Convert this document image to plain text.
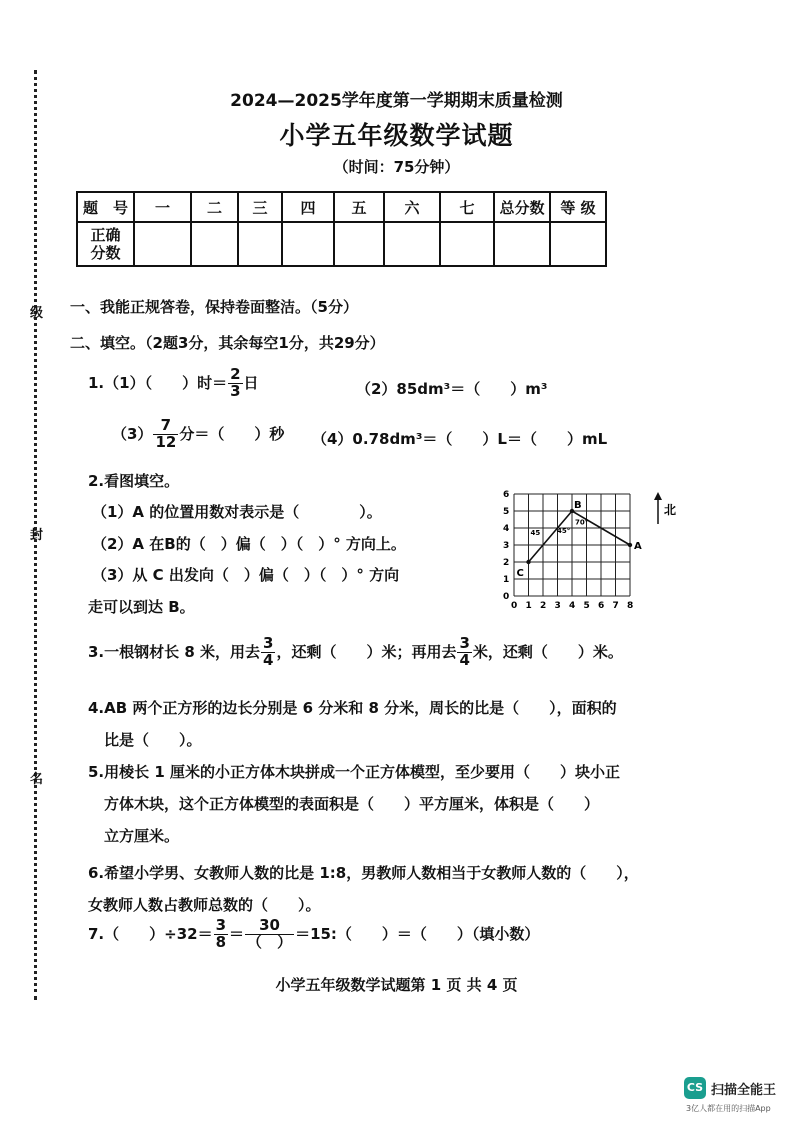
级
封
名
2024—2025学年度第一学期期末质量检测
小学五年级数学试题
（时间：75分钟）
题　号	一	二	三	四	五	六	七	总分数	等 级

正确
分数									

一、我能正规答卷，保持卷面整洁。（5分）
二、填空。（2题3分，其余每空1分，共29分）
1.（1）（　　）时＝ $\frac{2}{3}$ 日	（2）85dm³＝（　　）m³
$(3) \frac{7}{12}$ 分＝（　　）秒 （4）0.78dm³＝（　　）L＝（　　）mL
2.看图填空。
（1）A 的位置用数对表示是（　　　　）。
（2）A 在B的（　）偏（　）（　）° 方向上。
（3）从 C 出发向（　）偏（　）（　）° 方向
走可以到达 B。	0 1 2 3 4 5 6 7 8
0
1
2
3
4
5
6
C
B
A
45 45°
70°
北
3.一根钢材长 8 米，用去 $\frac{3}{4}$ ，还剩（　　）米；再用去 $\frac{3}{4}$ 米，还剩（　　）米。
4.AB 两个正方形的边长分别是 6 分米和 8 分米，周长的比是（　　），面积的
比是（　　）。
5.用棱长 1 厘米的小正方体木块拼成一个正方体模型，至少要用（　　）块小正
方体木块，这个正方体模型的表面积是（　　）平方厘米，体积是（　　）
立方厘米。
6.希望小学男、女教师人数的比是 1:8，男教师人数相当于女教师人数的（　　），
女教师人数占教师总数的（　　）。
7.（　　）$\div 32= \frac{3}{8} = \frac{30}{( )}$ ＝15:（　　）＝（　　）（填小数）
小学五年级数学试题第 1 页 共 4 页
CS 扫描全能王
3亿人都在用的扫描App
